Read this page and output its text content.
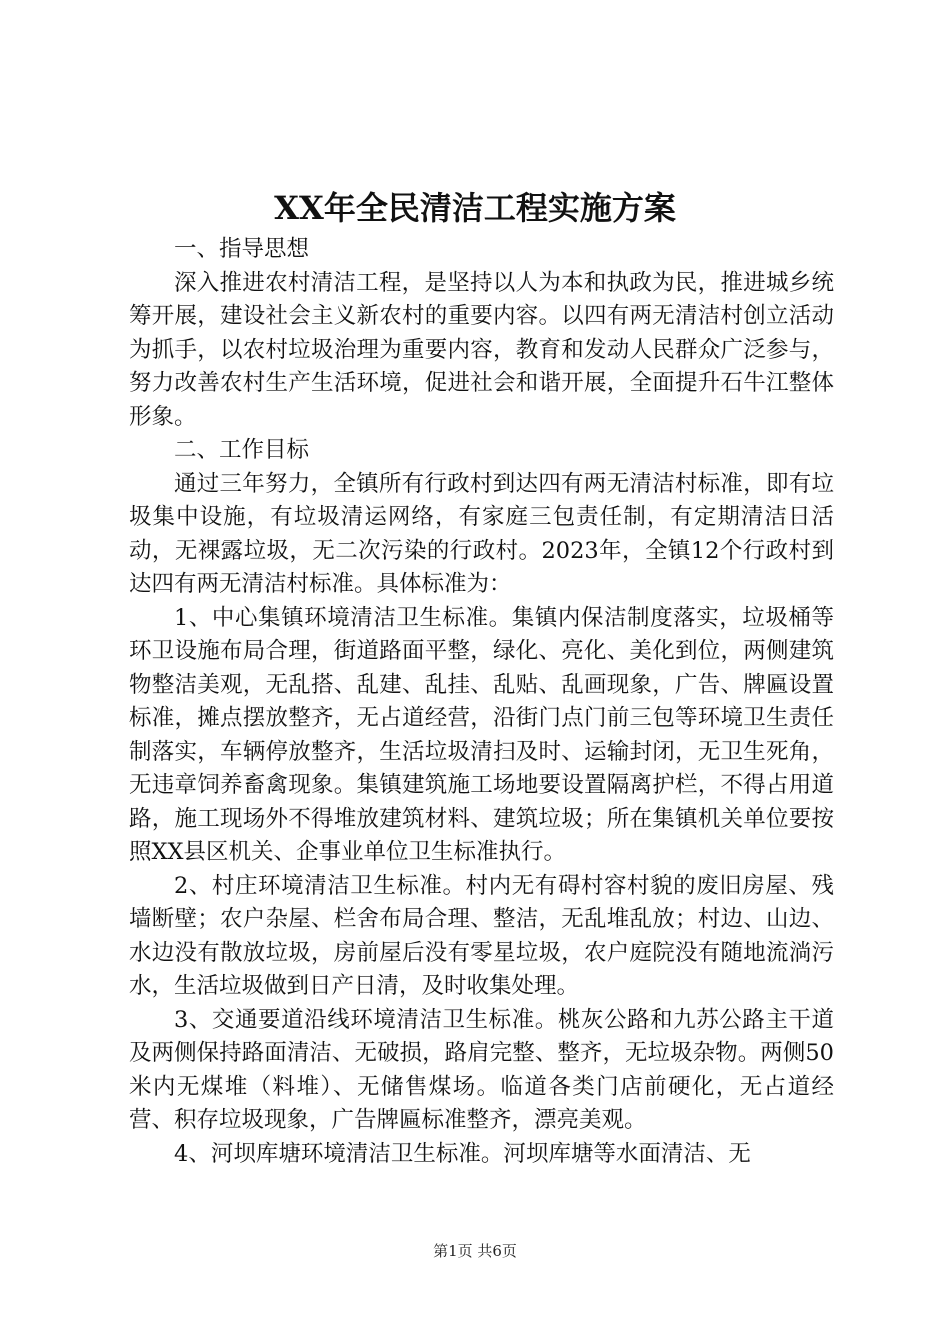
XX年全民清洁工程实施方案

一、指导思想

深入推进农村清洁工程，是坚持以人为本和执政为民，推进城乡统筹开展，建设社会主义新农村的重要内容。以四有两无清洁村创立活动为抓手，以农村垃圾治理为重要内容，教育和发动人民群众广泛参与，努力改善农村生产生活环境，促进社会和谐开展，全面提升石牛江整体形象。

二、工作目标

通过三年努力，全镇所有行政村到达四有两无清洁村标准，即有垃圾集中设施，有垃圾清运网络，有家庭三包责任制，有定期清洁日活动，无裸露垃圾，无二次污染的行政村。2023年，全镇12个行政村到达四有两无清洁村标准。具体标准为：

1、中心集镇环境清洁卫生标准。集镇内保洁制度落实，垃圾桶等环卫设施布局合理，街道路面平整，绿化、亮化、美化到位，两侧建筑物整洁美观，无乱搭、乱建、乱挂、乱贴、乱画现象，广告、牌匾设置标准，摊点摆放整齐，无占道经营，沿街门点门前三包等环境卫生责任制落实，车辆停放整齐，生活垃圾清扫及时、运输封闭，无卫生死角，无违章饲养畜禽现象。集镇建筑施工场地要设置隔离护栏，不得占用道路，施工现场外不得堆放建筑材料、建筑垃圾；所在集镇机关单位要按照XX县区机关、企事业单位卫生标准执行。

2、村庄环境清洁卫生标准。村内无有碍村容村貌的废旧房屋、残墙断壁；农户杂屋、栏舍布局合理、整洁，无乱堆乱放；村边、山边、水边没有散放垃圾，房前屋后没有零星垃圾，农户庭院没有随地流淌污水，生活垃圾做到日产日清，及时收集处理。

3、交通要道沿线环境清洁卫生标准。桃灰公路和九苏公路主干道及两侧保持路面清洁、无破损，路肩完整、整齐，无垃圾杂物。两侧50米内无煤堆（料堆）、无储售煤场。临道各类门店前硬化，无占道经营、积存垃圾现象，广告牌匾标准整齐，漂亮美观。

4、河坝库塘环境清洁卫生标准。河坝库塘等水面清洁、无

第1页 共6页
